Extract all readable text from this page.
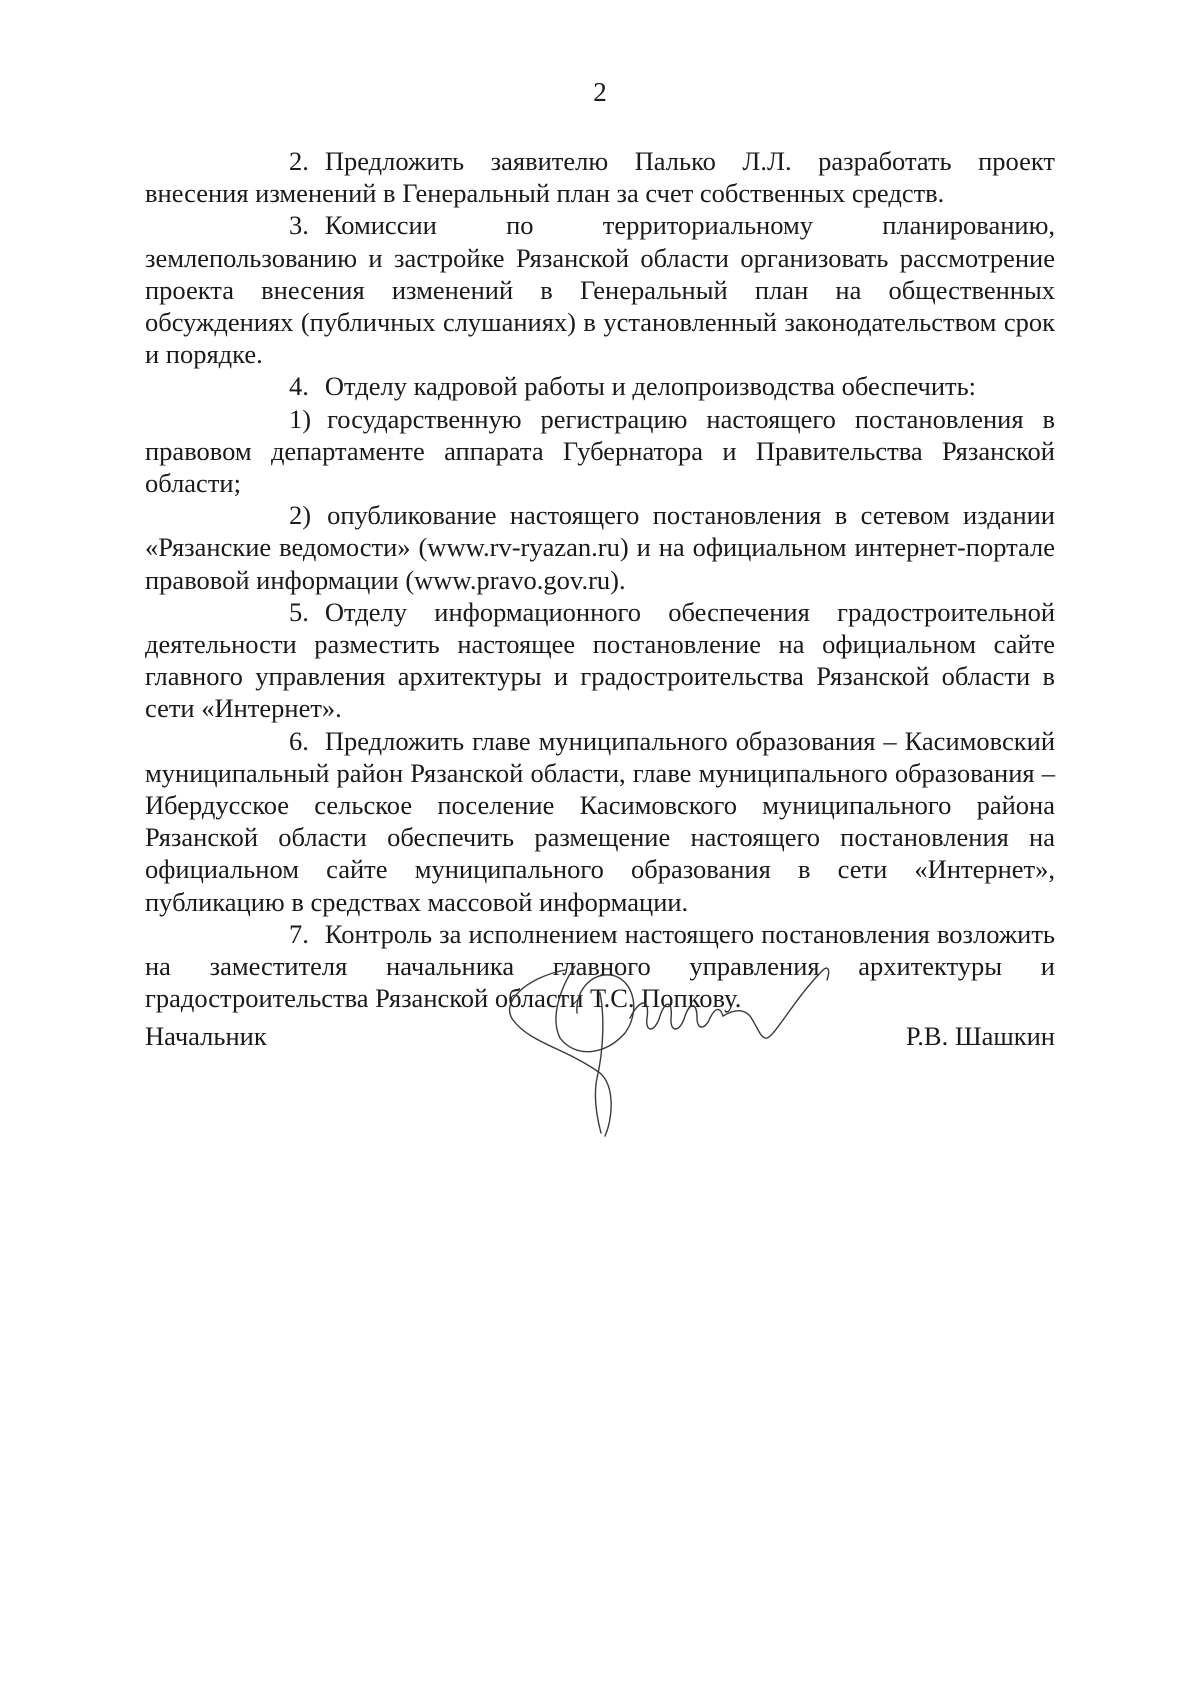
2

2. Предложить заявителю Палько Л.Л. разработать проект внесения изменений в Генеральный план за счет собственных средств.

3. Комиссии по территориальному планированию, землепользованию и застройке Рязанской области организовать рассмотрение проекта внесения изменений в Генеральный план на общественных обсуждениях (публичных слушаниях) в установленный законодательством срок и порядке.

4. Отделу кадровой работы и делопроизводства обеспечить:

1) государственную регистрацию настоящего постановления в правовом департаменте аппарата Губернатора и Правительства Рязанской области;

2) опубликование настоящего постановления в сетевом издании «Рязанские ведомости» (www.rv-ryazan.ru) и на официальном интернет-портале правовой информации (www.pravo.gov.ru).

5. Отделу информационного обеспечения градостроительной деятельности разместить настоящее постановление на официальном сайте главного управления архитектуры и градостроительства Рязанской области в сети «Интернет».

6. Предложить главе муниципального образования – Касимовский муниципальный район Рязанской области, главе муниципального образования – Ибердусское сельское поселение Касимовского муниципального района Рязанской области обеспечить размещение настоящего постановления на официальном сайте муниципального образования в сети «Интернет», публикацию в средствах массовой информации.

7. Контроль за исполнением настоящего постановления возложить на заместителя начальника главного управления архитектуры и градостроительства Рязанской области Т.С. Попкову.

Начальник	Р.В. Шашкин
